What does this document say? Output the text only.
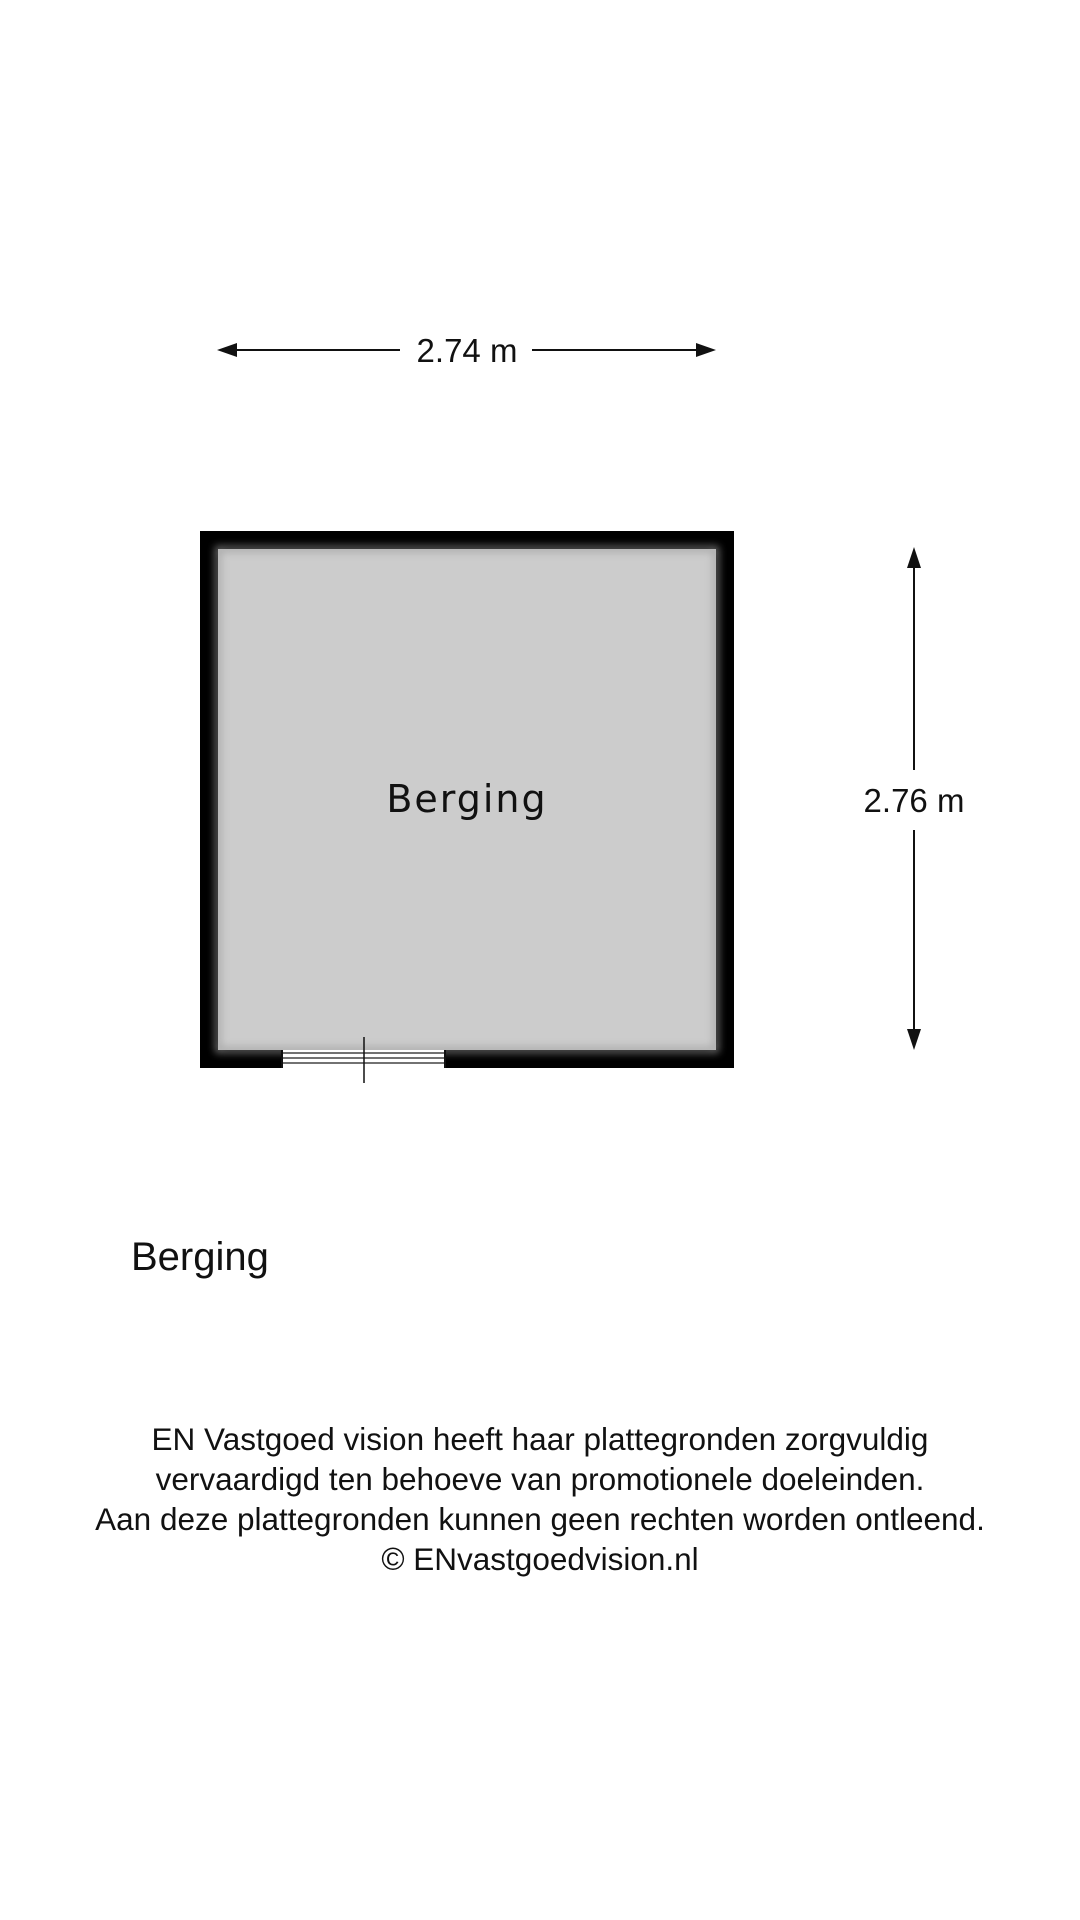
2.74 m
2.76 m
Berging
Berging
EN Vastgoed vision heeft haar plattegronden zorgvuldig
vervaardigd ten behoeve van promotionele doeleinden.
Aan deze plattegronden kunnen geen rechten worden ontleend.
© ENvastgoedvision.nl
